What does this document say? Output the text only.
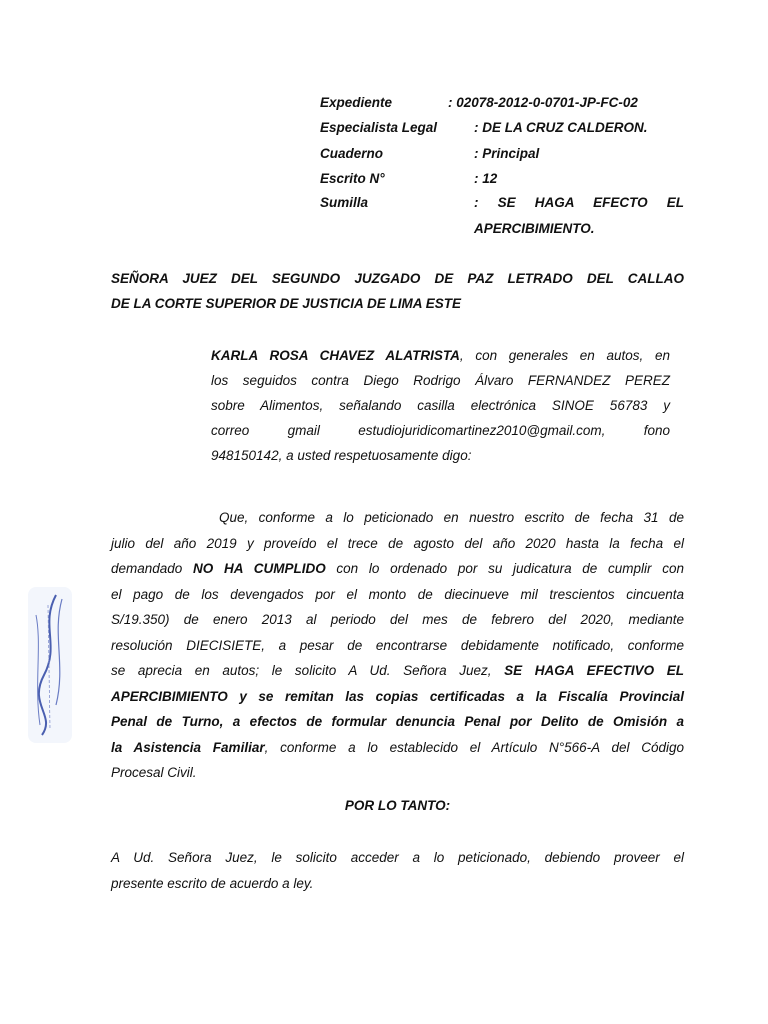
Expediente	: 02078-2012-0-0701-JP-FC-02
Especialista Legal	: DE LA CRUZ CALDERON.
Cuaderno	: Principal
Escrito N°	: 12
Sumilla	: SE HAGA EFECTO EL
APERCIBIMIENTO.
SEÑORA JUEZ DEL SEGUNDO JUZGADO DE PAZ LETRADO DEL CALLAO
DE LA CORTE SUPERIOR DE JUSTICIA DE LIMA ESTE
KARLA ROSA CHAVEZ ALATRISTA, con generales en autos, en
los seguidos contra Diego Rodrigo Álvaro FERNANDEZ PEREZ
sobre Alimentos, señalando casilla electrónica SINOE 56783 y
correo gmail estudiojuridicomartinez2010@gmail.com, fono
948150142, a usted respetuosamente digo:
Que, conforme a lo peticionado en nuestro escrito de fecha 31 de
julio del año 2019 y proveído el trece de agosto del año 2020 hasta la fecha el
demandado NO HA CUMPLIDO con lo ordenado por su judicatura de cumplir con
el pago de los devengados por el monto de diecinueve mil trescientos cincuenta
S/19.350) de enero 2013 al periodo del mes de febrero del 2020, mediante
resolución DIECISIETE, a pesar de encontrarse debidamente notificado, conforme
se aprecia en autos; le solicito A Ud. Señora Juez, SE HAGA EFECTIVO EL
APERCIBIMIENTO y se remitan las copias certificadas a la Fiscalía Provincial
Penal de Turno, a efectos de formular denuncia Penal por Delito de Omisión a
la Asistencia Familiar, conforme a lo establecido el Artículo N°566-A del Código
Procesal Civil.
POR LO TANTO:
A Ud. Señora Juez, le solicito acceder a lo peticionado, debiendo proveer el
presente escrito de acuerdo a ley.
